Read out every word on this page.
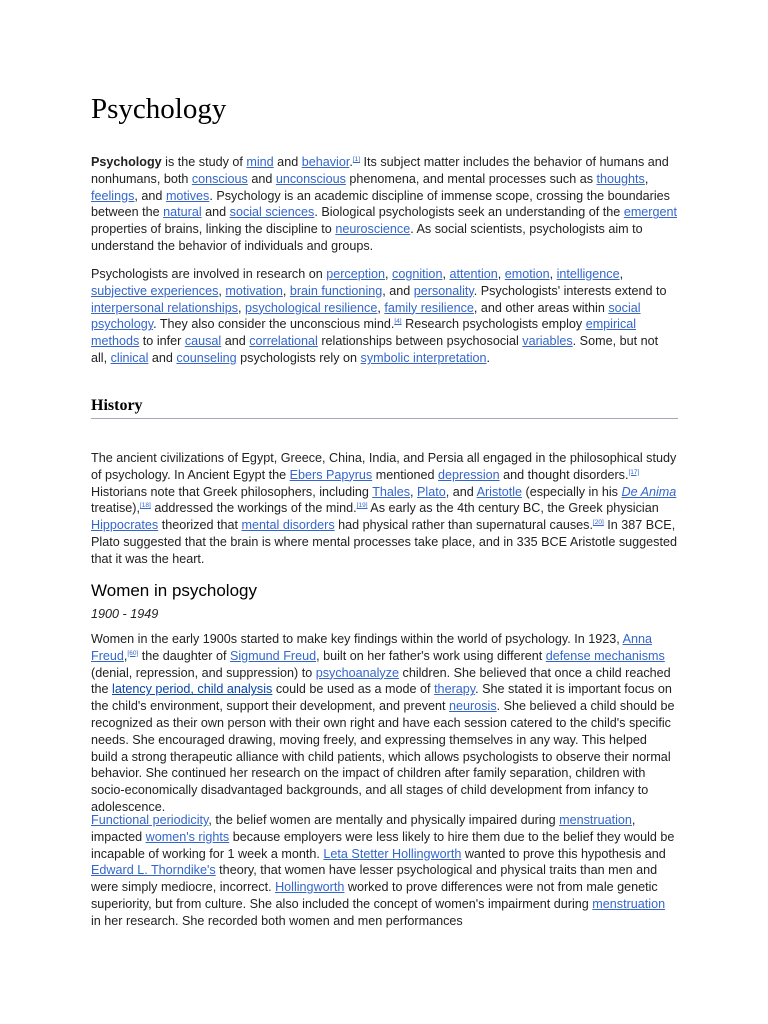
Psychology

Psychology is the study of mind and behavior.[1] Its subject matter includes the behavior of humans and nonhumans, both conscious and unconscious phenomena, and mental processes such as thoughts, feelings, and motives. Psychology is an academic discipline of immense scope, crossing the boundaries between the natural and social sciences. Biological psychologists seek an understanding of the emergent properties of brains, linking the discipline to neuroscience. As social scientists, psychologists aim to understand the behavior of individuals and groups.

Psychologists are involved in research on perception, cognition, attention, emotion, intelligence, subjective experiences, motivation, brain functioning, and personality. Psychologists' interests extend to interpersonal relationships, psychological resilience, family resilience, and other areas within social psychology. They also consider the unconscious mind.[4] Research psychologists employ empirical methods to infer causal and correlational relationships between psychosocial variables. Some, but not all, clinical and counseling psychologists rely on symbolic interpretation.

History

The ancient civilizations of Egypt, Greece, China, India, and Persia all engaged in the philosophical study of psychology. In Ancient Egypt the Ebers Papyrus mentioned depression and thought disorders.[17] Historians note that Greek philosophers, including Thales, Plato, and Aristotle (especially in his De Anima treatise),[18] addressed the workings of the mind.[19] As early as the 4th century BC, the Greek physician Hippocrates theorized that mental disorders had physical rather than supernatural causes.[20] In 387 BCE, Plato suggested that the brain is where mental processes take place, and in 335 BCE Aristotle suggested that it was the heart.

Women in psychology

1900 - 1949

Women in the early 1900s started to make key findings within the world of psychology. In 1923, Anna Freud,[60] the daughter of Sigmund Freud, built on her father's work using different defense mechanisms (denial, repression, and suppression) to psychoanalyze children. She believed that once a child reached the latency period, child analysis could be used as a mode of therapy. She stated it is important focus on the child's environment, support their development, and prevent neurosis. She believed a child should be recognized as their own person with their own right and have each session catered to the child's specific needs. She encouraged drawing, moving freely, and expressing themselves in any way. This helped build a strong therapeutic alliance with child patients, which allows psychologists to observe their normal behavior. She continued her research on the impact of children after family separation, children with socio-economically disadvantaged backgrounds, and all stages of child development from infancy to adolescence.

Functional periodicity, the belief women are mentally and physically impaired during menstruation, impacted women's rights because employers were less likely to hire them due to the belief they would be incapable of working for 1 week a month. Leta Stetter Hollingworth wanted to prove this hypothesis and Edward L. Thorndike's theory, that women have lesser psychological and physical traits than men and were simply mediocre, incorrect. Hollingworth worked to prove differences were not from male genetic superiority, but from culture. She also included the concept of women's impairment during menstruation in her research. She recorded both women and men performances
